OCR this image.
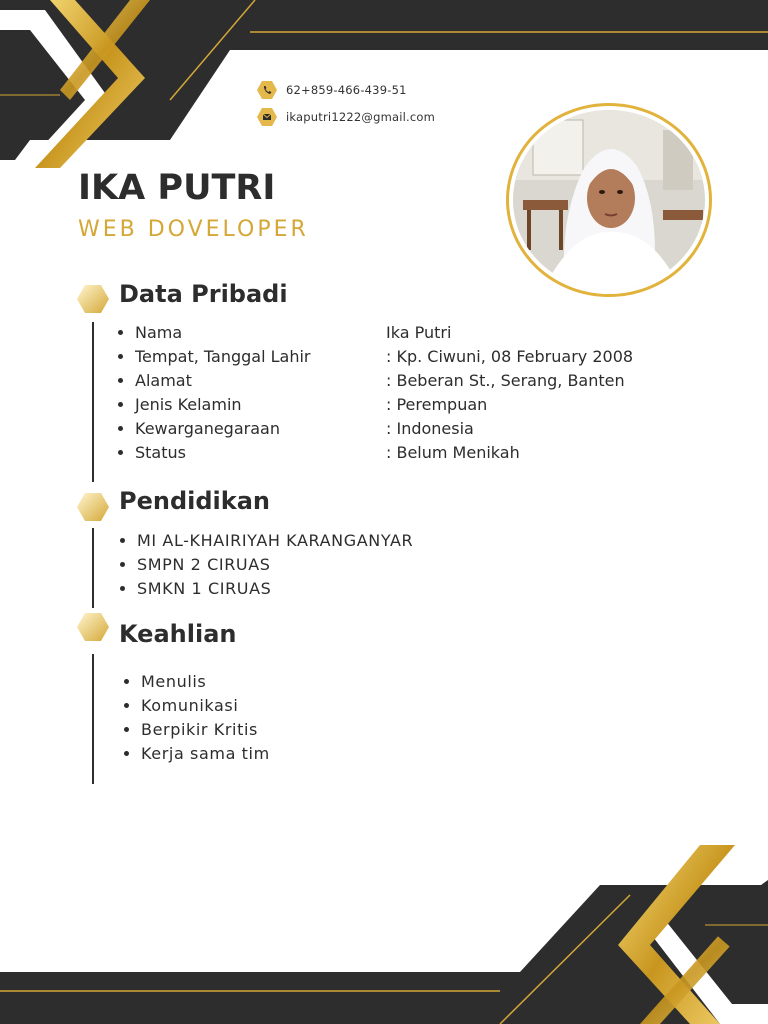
62+859-466-439-51
ikaputri1222@gmail.com
IKA PUTRI
WEB DOVELOPER
Data Pribadi
Nama	Ika Putri
Tempat, Tanggal Lahir	: Kp. Ciwuni, 08 February 2008
Alamat	: Beberan St., Serang, Banten
Jenis Kelamin	: Perempuan
Kewarganegaraan	: Indonesia
Status	: Belum Menikah
Pendidikan
MI AL-KHAIRIYAH KARANGANYAR
SMPN 2 CIRUAS
SMKN 1 CIRUAS
Keahlian
Menulis
Komunikasi
Berpikir Kritis
Kerja sama tim
